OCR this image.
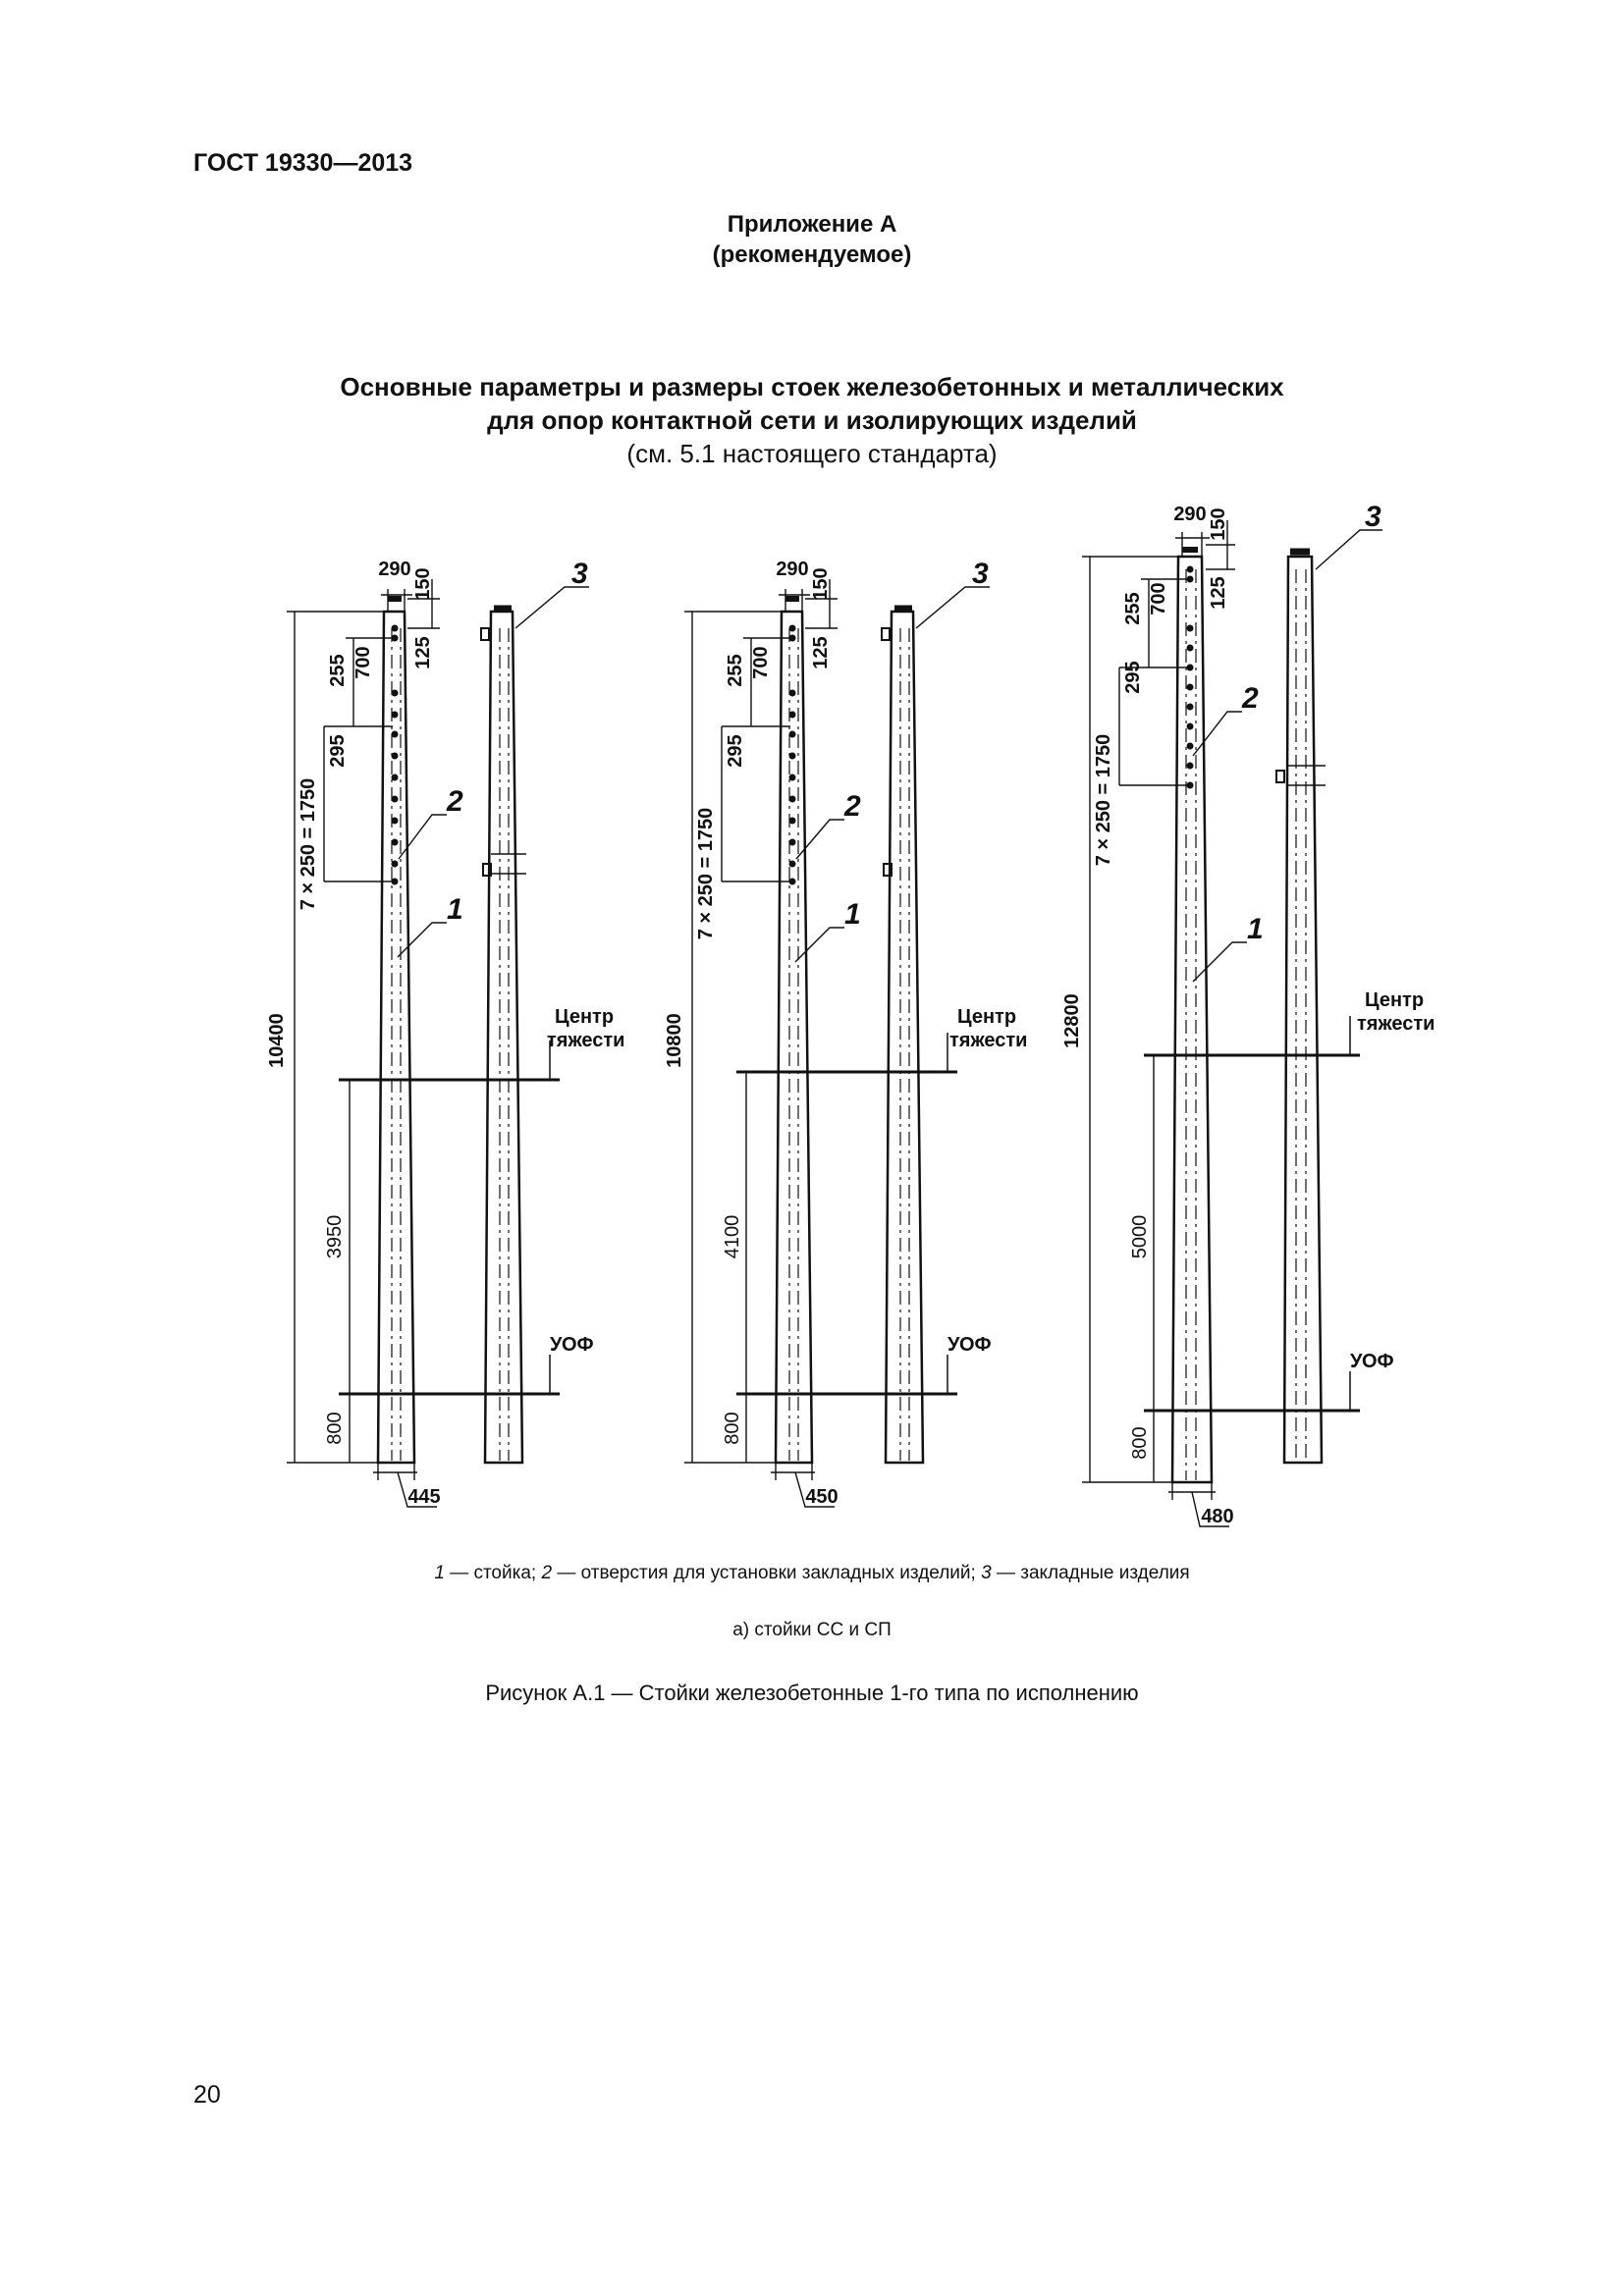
ГОСТ 19330—2013
Приложение А
(рекомендуемое)
Основные параметры и размеры стоек железобетонных и металлических
для опор контактной сети и изолирующих изделий
(см. 5.1 настоящего стандарта)
10400
3950
800
7 × 250 = 1750
295
255 700
290 150
125
445
10800
4100
800
7 × 250 = 1750
295
255 700
290 150
125
450
12800
5000
800
7 × 250 = 1750
295
255 700
290 150
125
480
Центр
тяжести
УОФ
Центр
тяжести
УОФ
Центр
тяжести
УОФ
2
1
3
2
1
3
2
1
3
1 — стойка; 2 — отверстия для установки закладных изделий; 3 — закладные изделия
а) стойки СС и СП
Рисунок А.1 — Стойки железобетонные 1-го типа по исполнению
20
